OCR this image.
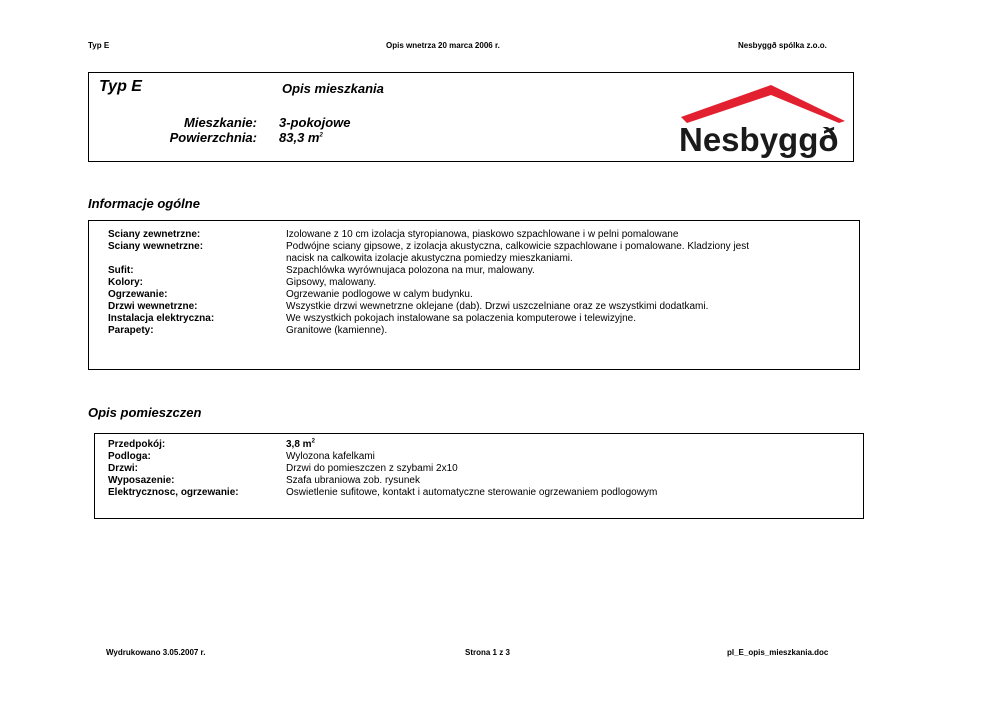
Typ E	Opis wnetrza 20 marca 2006 r.	Nesbyggð spólka z.o.o.
Typ E	Opis mieszkania
Mieszkanie: 3-pokojowe
Powierzchnia: 83,3 $m^2$	Nesbyggð
Informacje ogólne
Sciany zewnetrzne:	Izolowane z 10 cm izolacja styropianowa, piaskowo szpachlowane i w pelni pomalowane
Sciany wewnetrzne:	Podwójne sciany gipsowe, z izolacja akustyczna, calkowicie szpachlowane i pomalowane. Kladziony jest
nacisk na calkowita izolacje akustyczna pomiedzy mieszkaniami.
Sufit:	Szpachlówka wyrównujaca polozona na mur, malowany.
Kolory:	Gipsowy, malowany.
Ogrzewanie:	Ogrzewanie podlogowe w calym budynku.
Drzwi wewnetrzne:	Wszystkie drzwi wewnetrzne oklejane (dab). Drzwi uszczelniane oraz ze wszystkimi dodatkami.
Instalacja elektryczna:	We wszystkich pokojach instalowane sa polaczenia komputerowe i telewizyjne.
Parapety:	Granitowe (kamienne).
Opis pomieszczen
Przedpokój:	3,8 $m^2$
Podloga:	Wylozona kafelkami
Drzwi:	Drzwi do pomieszczen z szybami 2x10
Wyposazenie:	Szafa ubraniowa zob. rysunek
Elektrycznosc, ogrzewanie:	Oswietlenie sufitowe, kontakt i automatyczne sterowanie ogrzewaniem podlogowym
Wydrukowano 3.05.2007 r.	Strona 1 z 3	pl_E_opis_mieszkania.doc
